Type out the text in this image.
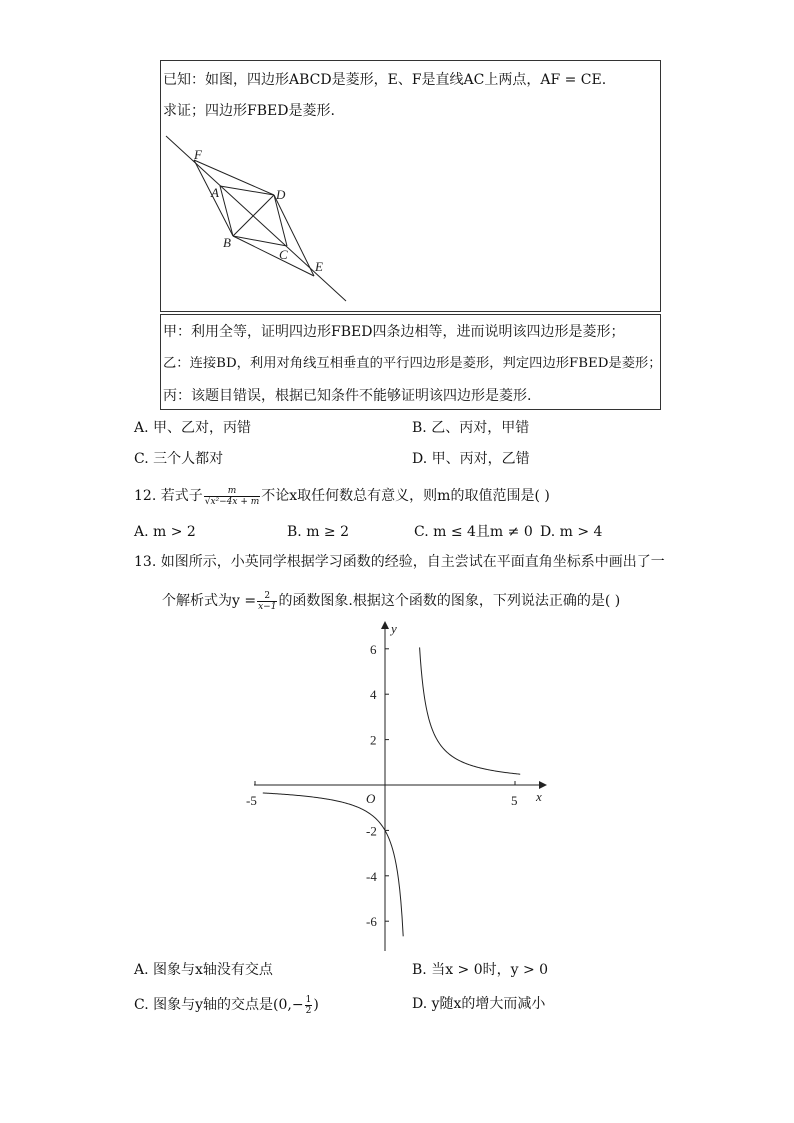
已知：如图，四边形ABCD是菱形，E、F是直线AC上两点，AF = CE.
求证；四边形FBED是菱形.
F
A	D
B
C
E
甲：利用全等，证明四边形FBED四条边相等，进而说明该四边形是菱形；
乙：连接BD，利用对角线互相垂直的平行四边形是菱形，判定四边形FBED是菱形；
丙：该题目错误，根据已知条件不能够证明该四边形是菱形.
A. 甲、乙对，丙错	B. 乙、丙对，甲错
C. 三个人都对	D. 甲、丙对，乙错
12. 若式子 $\frac{m}{\text{√x²−4x + m}}$ 不论x取任何数总有意义，则m的取值范围是( )
A. m > 2	B. m ≥ 2	C. m ≤ 4且m ≠ 0 D. m > 4
13. 如图所示，小英同学根据学习函数的经验，自主尝试在平面直角坐标系中画出了一
个解析式为$y = \frac{2}{x-1}$ 的函数图象.根据这个函数的图象，下列说法正确的是( )
x
y
O
-5	5
6
4
2
-2
-4
-6
A. 图象与x轴没有交点	B. 当x > 0时，y > 0
C. 图象与y轴的交点是($0,- \frac{1}{2}$ )	D. y随x的增大而减小
